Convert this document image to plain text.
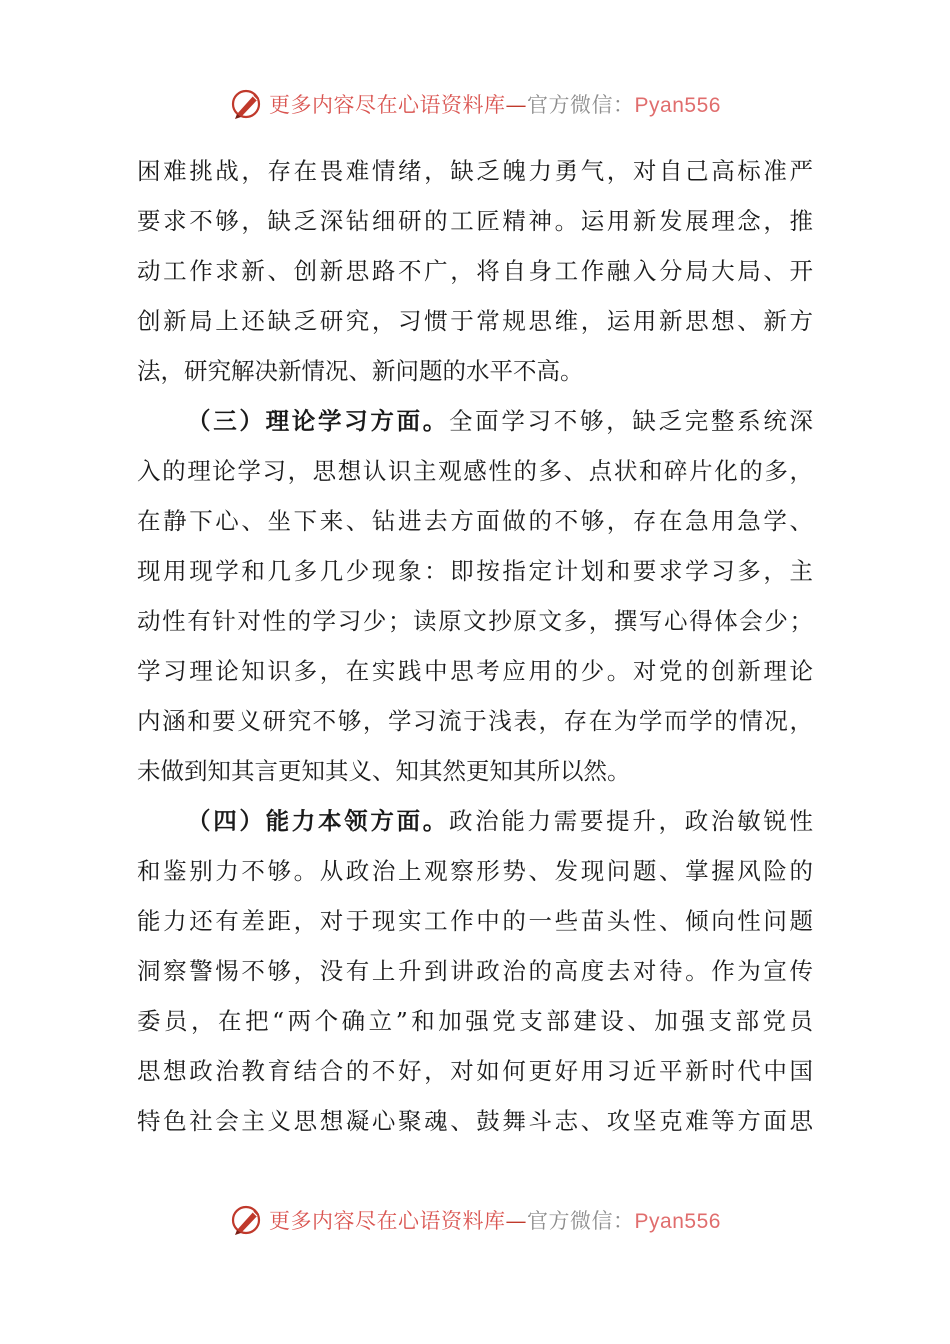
更多内容尽在心语资料库—官方微信：Pyan556
困难挑战，存在畏难情绪，缺乏魄力勇气，对自己高标准严
要求不够，缺乏深钻细研的工匠精神。运用新发展理念，推
动工作求新、创新思路不广，将自身工作融入分局大局、开
创新局上还缺乏研究，习惯于常规思维，运用新思想、新方
法，研究解决新情况、新问题的水平不高。
（三）理论学习方面。全面学习不够，缺乏完整系统深
入的理论学习，思想认识主观感性的多、点状和碎片化的多，
在静下心、坐下来、钻进去方面做的不够，存在急用急学、
现用现学和几多几少现象：即按指定计划和要求学习多，主
动性有针对性的学习少；读原文抄原文多，撰写心得体会少；
学习理论知识多，在实践中思考应用的少。对党的创新理论
内涵和要义研究不够，学习流于浅表，存在为学而学的情况，
未做到知其言更知其义、知其然更知其所以然。
（四）能力本领方面。政治能力需要提升，政治敏锐性
和鉴别力不够。从政治上观察形势、发现问题、掌握风险的
能力还有差距，对于现实工作中的一些苗头性、倾向性问题
洞察警惕不够，没有上升到讲政治的高度去对待。作为宣传
委员，在把“两个确立”和加强党支部建设、加强支部党员
思想政治教育结合的不好，对如何更好用习近平新时代中国
特色社会主义思想凝心聚魂、鼓舞斗志、攻坚克难等方面思
更多内容尽在心语资料库—官方微信：Pyan556
